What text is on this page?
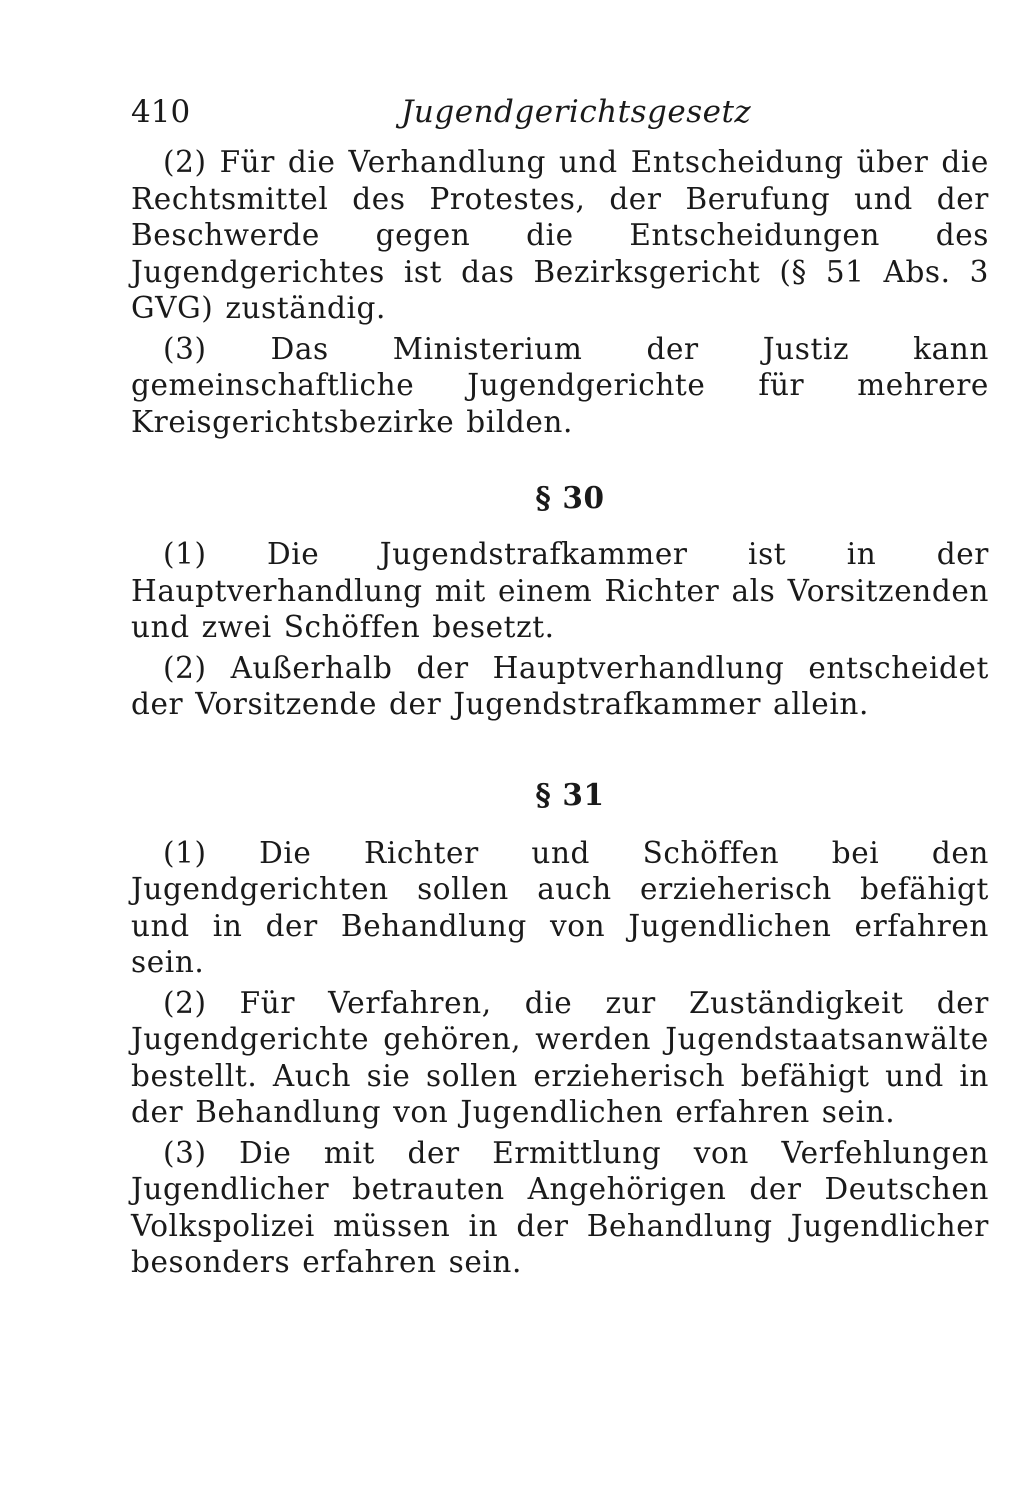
410	Jugendgerichtsgesetz

(2) Für die Verhandlung und Entscheidung über die Rechtsmittel des Protestes, der Berufung und der Beschwerde gegen die Entscheidungen des Jugendgerichtes ist das Bezirksgericht (§ 51 Abs. 3 GVG) zuständig.

(3) Das Ministerium der Justiz kann gemeinschaftliche Jugendgerichte für mehrere Kreisgerichtsbezirke bilden.

§ 30

(1) Die Jugendstrafkammer ist in der Hauptverhandlung mit einem Richter als Vorsitzenden und zwei Schöffen besetzt.

(2) Außerhalb der Hauptverhandlung entscheidet der Vorsitzende der Jugendstrafkammer allein.

§ 31

(1) Die Richter und Schöffen bei den Jugendgerichten sollen auch erzieherisch befähigt und in der Behandlung von Jugendlichen erfahren sein.

(2) Für Verfahren, die zur Zuständigkeit der Jugendgerichte gehören, werden Jugendstaatsanwälte bestellt. Auch sie sollen erzieherisch befähigt und in der Behandlung von Jugendlichen erfahren sein.

(3) Die mit der Ermittlung von Verfehlungen Jugendlicher betrauten Angehörigen der Deutschen Volkspolizei müssen in der Behandlung Jugendlicher besonders erfahren sein.
